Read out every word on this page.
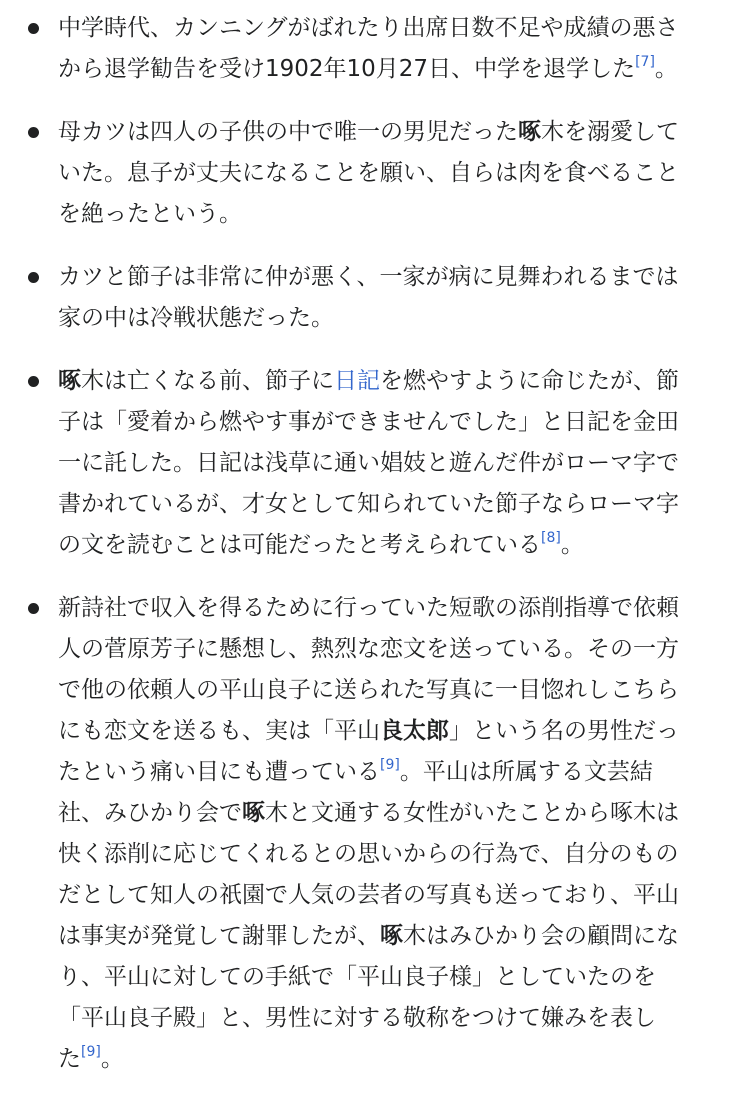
中学時代、カンニングがばれたり出席日数不足や成績の悪さ
から退学勧告を受け1902年10月27日、中学を退学した[7]。
母カツは四人の子供の中で唯一の男児だった啄木を溺愛して
いた。息子が丈夫になることを願い、自らは肉を食べること
を絶ったという。
カツと節子は非常に仲が悪く、一家が病に見舞われるまでは
家の中は冷戦状態だった。
啄木は亡くなる前、節子に日記を燃やすように命じたが、節
子は「愛着から燃やす事ができませんでした」と日記を金田
一に託した。日記は浅草に通い娼妓と遊んだ件がローマ字で
書かれているが、才女として知られていた節子ならローマ字
の文を読むことは可能だったと考えられている[8]。
新詩社で収入を得るために行っていた短歌の添削指導で依頼
人の菅原芳子に懸想し、熱烈な恋文を送っている。その一方
で他の依頼人の平山良子に送られた写真に一目惚れしこちら
にも恋文を送るも、実は「平山良太郎」という名の男性だっ
たという痛い目にも遭っている[9]。平山は所属する文芸結
社、みひかり会で啄木と文通する女性がいたことから啄木は
快く添削に応じてくれるとの思いからの行為で、自分のもの
だとして知人の祇園で人気の芸者の写真も送っており、平山
は事実が発覚して謝罪したが、啄木はみひかり会の顧問にな
り、平山に対しての手紙で「平山良子様」としていたのを
「平山良子殿」と、男性に対する敬称をつけて嫌みを表し
た[9]。
